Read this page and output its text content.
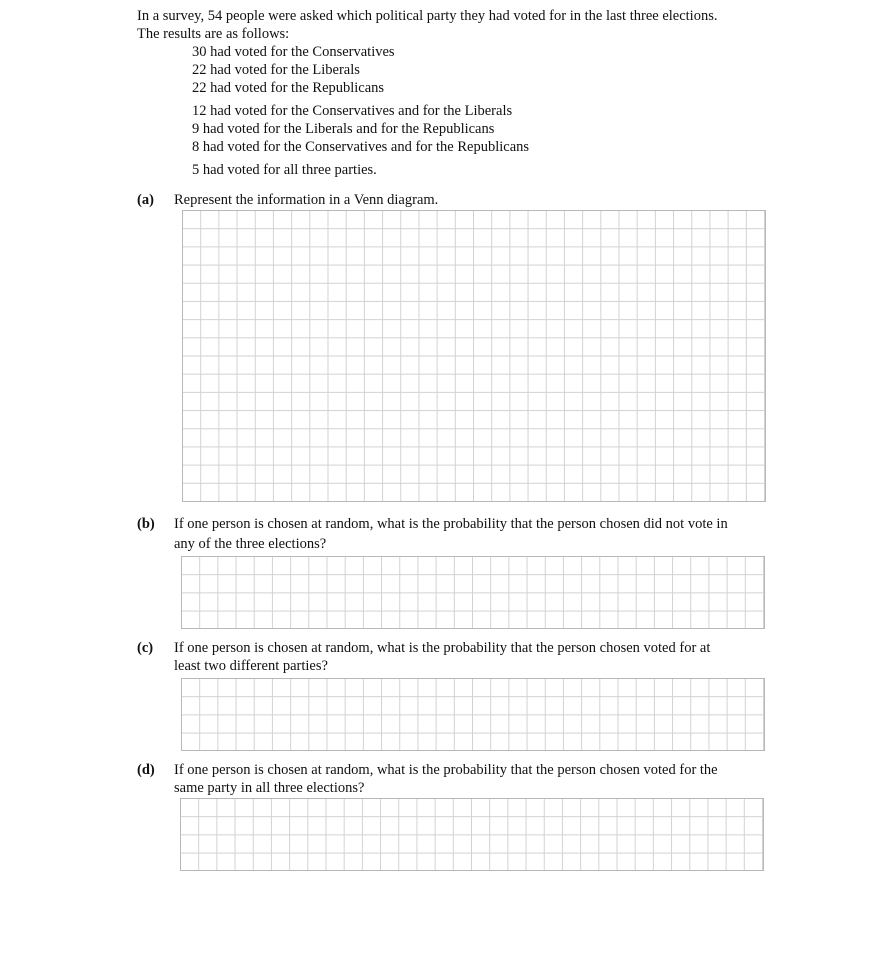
In a survey, 54 people were asked which political party they had voted for in the last three elections.
The results are as follows:
30 had voted for the Conservatives
22 had voted for the Liberals
22 had voted for the Republicans
12 had voted for the Conservatives and for the Liberals
9 had voted for the Liberals and for the Republicans
8 had voted for the Conservatives and for the Republicans
5 had voted for all three parties.
(a) Represent the information in a Venn diagram.
(b) If one person is chosen at random, what is the probability that the person chosen did not vote in
any of the three elections?
(c) If one person is chosen at random, what is the probability that the person chosen voted for at
least two different parties?
(d) If one person is chosen at random, what is the probability that the person chosen voted for the
same party in all three elections?
